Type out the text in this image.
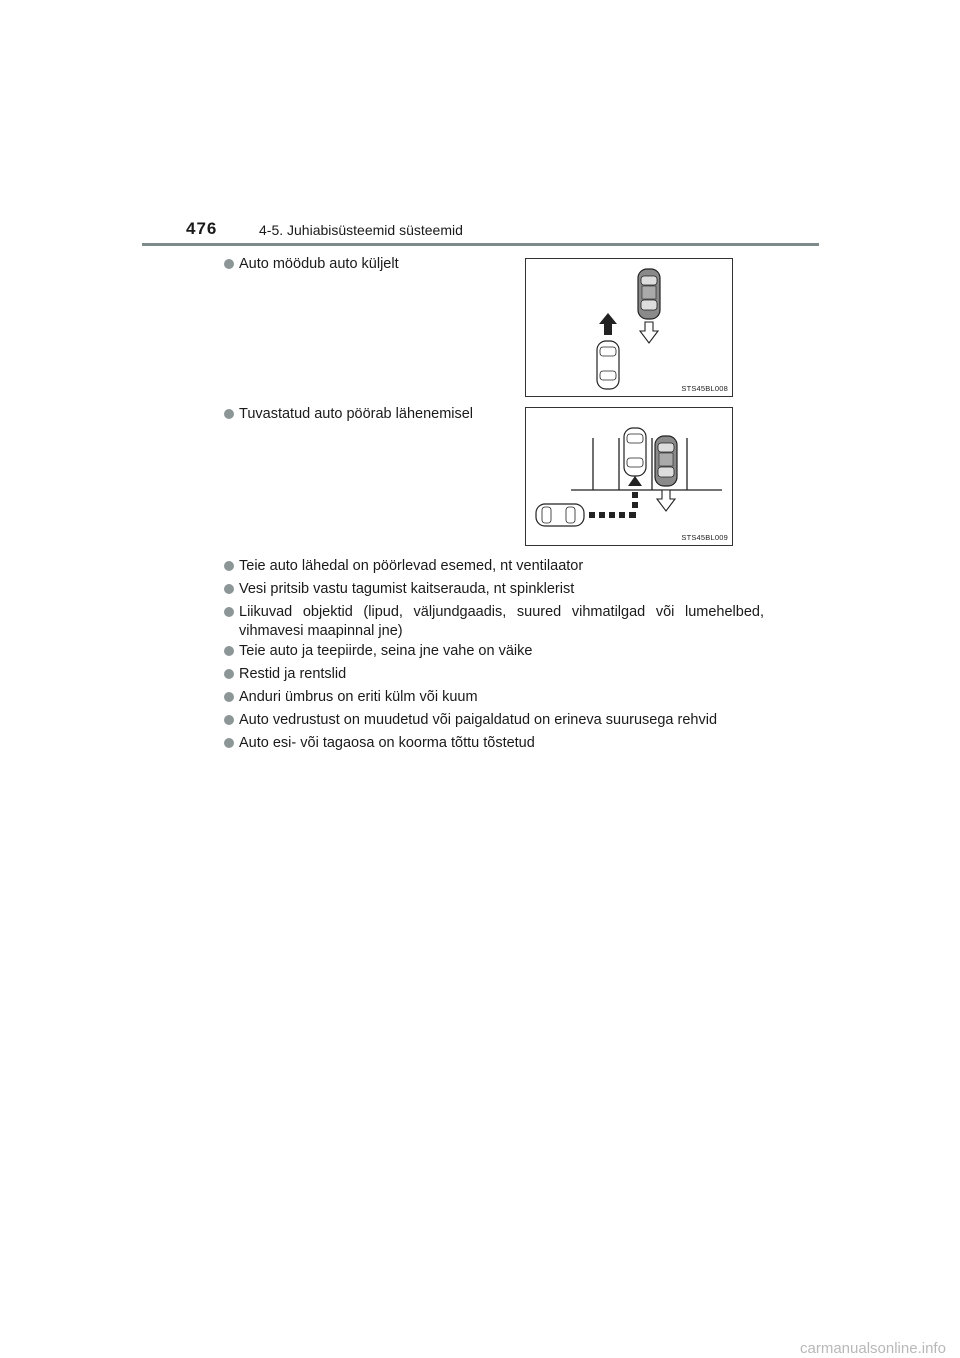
476	4-5. Juhiabisüsteemid süsteemid
Auto möödub auto küljelt
STS45BL008
Tuvastatud auto pöörab lähenemisel
STS45BL009
Teie auto lähedal on pöörlevad esemed, nt ventilaator
Vesi pritsib vastu tagumist kaitserauda, nt spinklerist
Liikuvad objektid (lipud, väljundgaadis, suured vihmatilgad või lumehelbed, vihmavesi maapinnal jne)
Teie auto ja teepiirde, seina jne vahe on väike
Restid ja rentslid
Anduri ümbrus on eriti külm või kuum
Auto vedrustust on muudetud või paigaldatud on erineva suurusega rehvid
Auto esi- või tagaosa on koorma tõttu tõstetud
carmanualsonline.info
